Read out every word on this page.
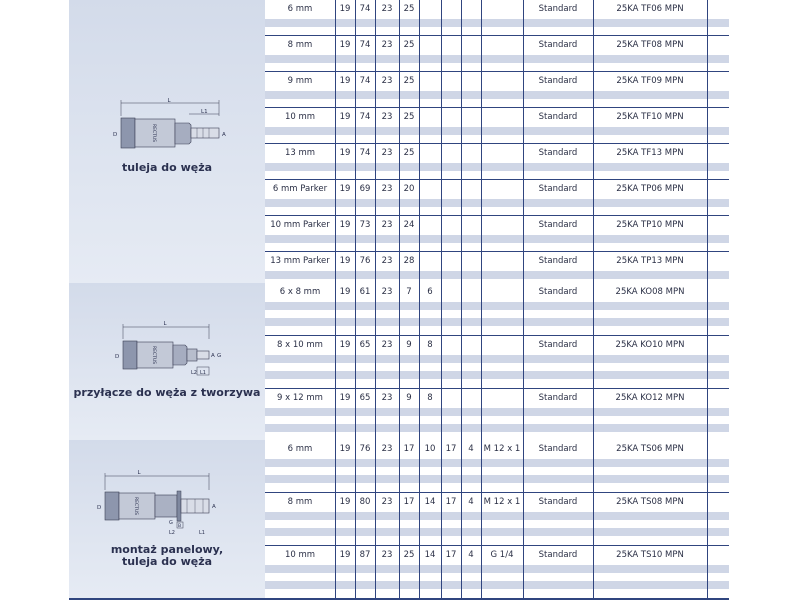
L
L1
RECTUS
D	A
tuleja do węża
6 mm	19	74	23	25	Standard	25KA TF06 MPN
8 mm	19	74	23	25	Standard	25KA TF08 MPN
9 mm	19	74	23	25	Standard	25KA TF09 MPN
10 mm	19	74	23	25	Standard	25KA TF10 MPN
13 mm	19	74	23	25	Standard	25KA TF13 MPN
6 mm Parker	19	69	23	20	Standard	25KA TP06 MPN
10 mm Parker	19	73	23	24	Standard	25KA TP10 MPN
13 mm Parker	19	76	23	28	Standard	25KA TP13 MPN
L
RECTUS
D	A G
L2 L1
przyłącze do węża z tworzywa
6 x 8 mm	19	61	23	7	6	Standard	25KA KO08 MPN
8 x 10 mm	19	65	23	9	8	Standard	25KA KO10 MPN
9 x 12 mm	19	65	23	9	8	Standard	25KA KO12 MPN
L
RECTUS
D	A
G
B
L2	L1
montaż panelowy,
tuleja do węża
6 mm	19	76	23	17	10	17	4	M 12 x 1	Standard	25KA TS06 MPN
8 mm	19	80	23	17	14	17	4	M 12 x 1	Standard	25KA TS08 MPN
10 mm	19	87	23	25	14	17	4	G 1/4	Standard	25KA TS10 MPN
